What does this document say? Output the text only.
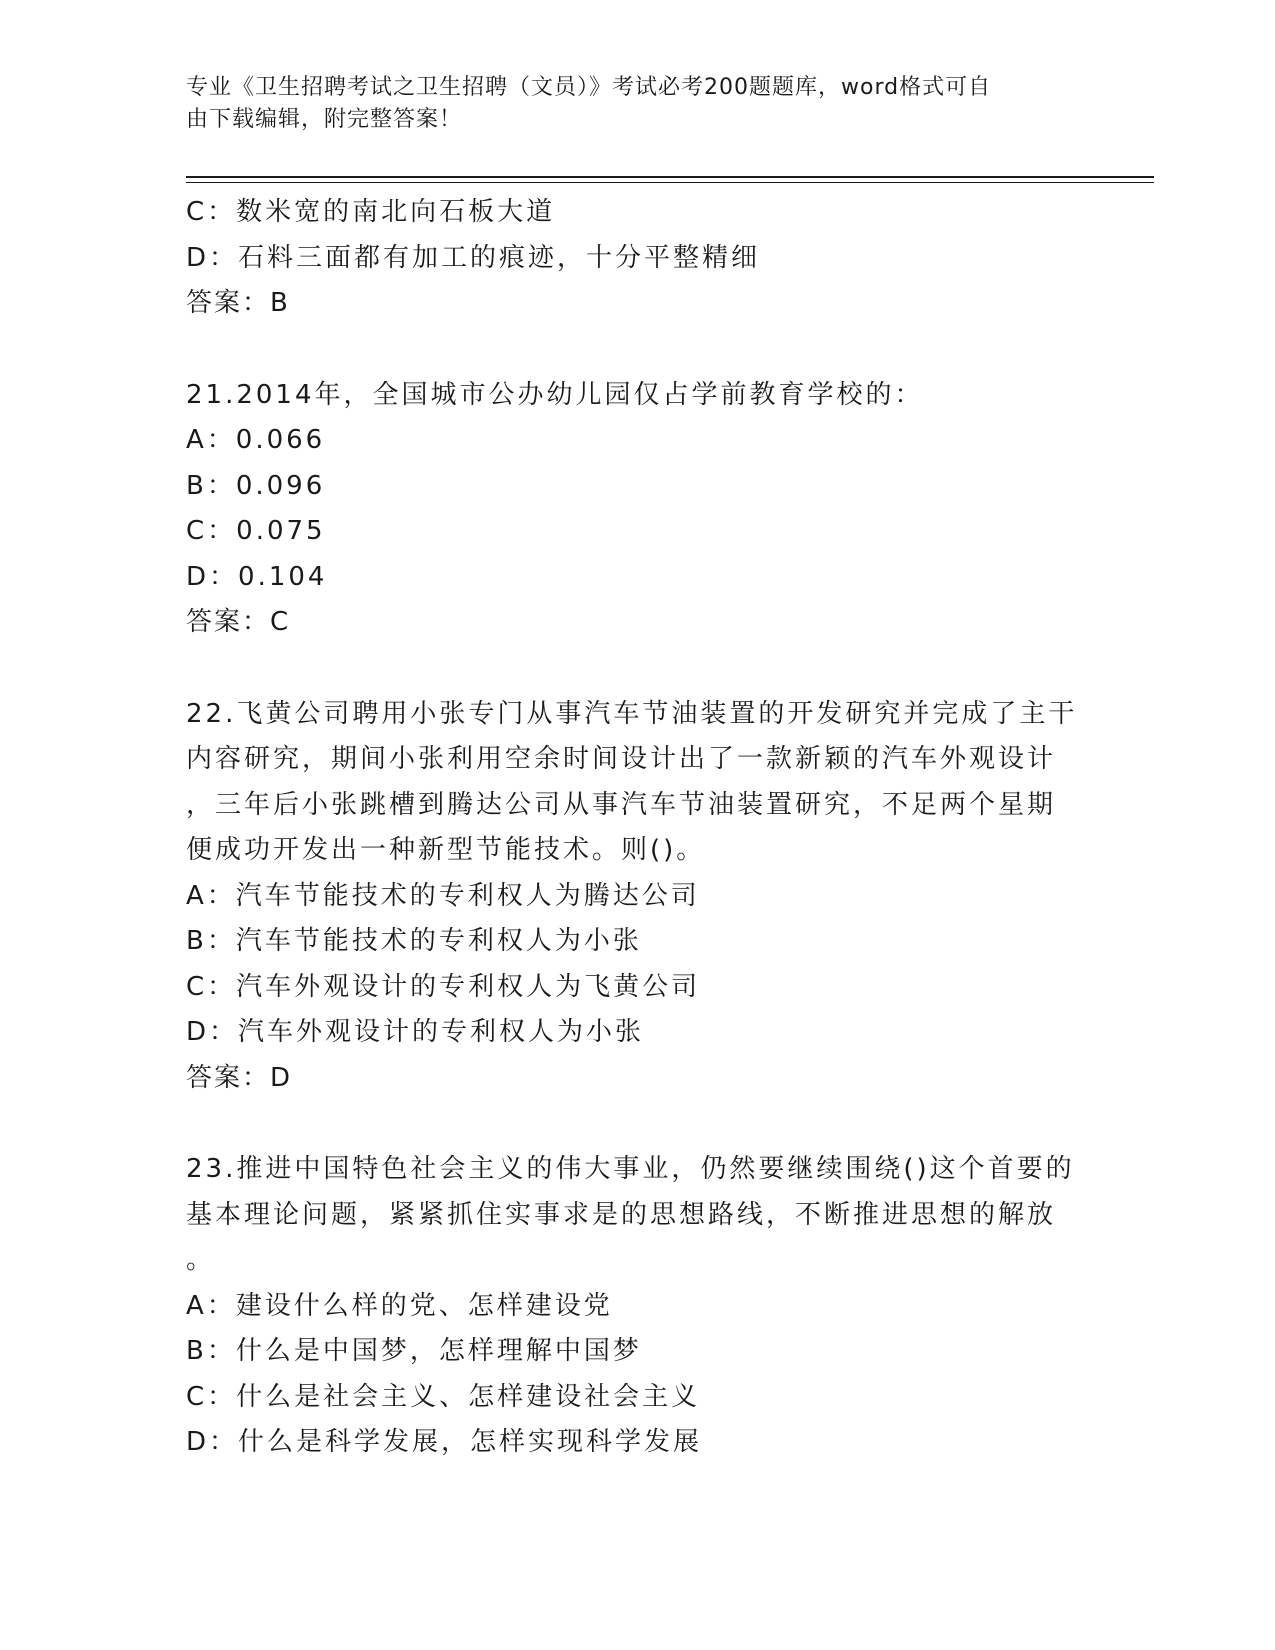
专业《卫生招聘考试之卫生招聘（文员）》考试必考200题题库，word格式可自
由下载编辑，附完整答案！
C：数米宽的南北向石板大道
D：石料三面都有加工的痕迹，十分平整精细
答案：B
21.2014年，全国城市公办幼儿园仅占学前教育学校的：
A：0.066
B：0.096
C：0.075
D：0.104
答案：C
22.飞黄公司聘用小张专门从事汽车节油装置的开发研究并完成了主干
内容研究，期间小张利用空余时间设计出了一款新颖的汽车外观设计
，三年后小张跳槽到腾达公司从事汽车节油装置研究，不足两个星期
便成功开发出一种新型节能技术。则()。
A：汽车节能技术的专利权人为腾达公司
B：汽车节能技术的专利权人为小张
C：汽车外观设计的专利权人为飞黄公司
D：汽车外观设计的专利权人为小张
答案：D
23.推进中国特色社会主义的伟大事业，仍然要继续围绕()这个首要的
基本理论问题，紧紧抓住实事求是的思想路线，不断推进思想的解放
。
A：建设什么样的党、怎样建设党
B：什么是中国梦，怎样理解中国梦
C：什么是社会主义、怎样建设社会主义
D：什么是科学发展，怎样实现科学发展
